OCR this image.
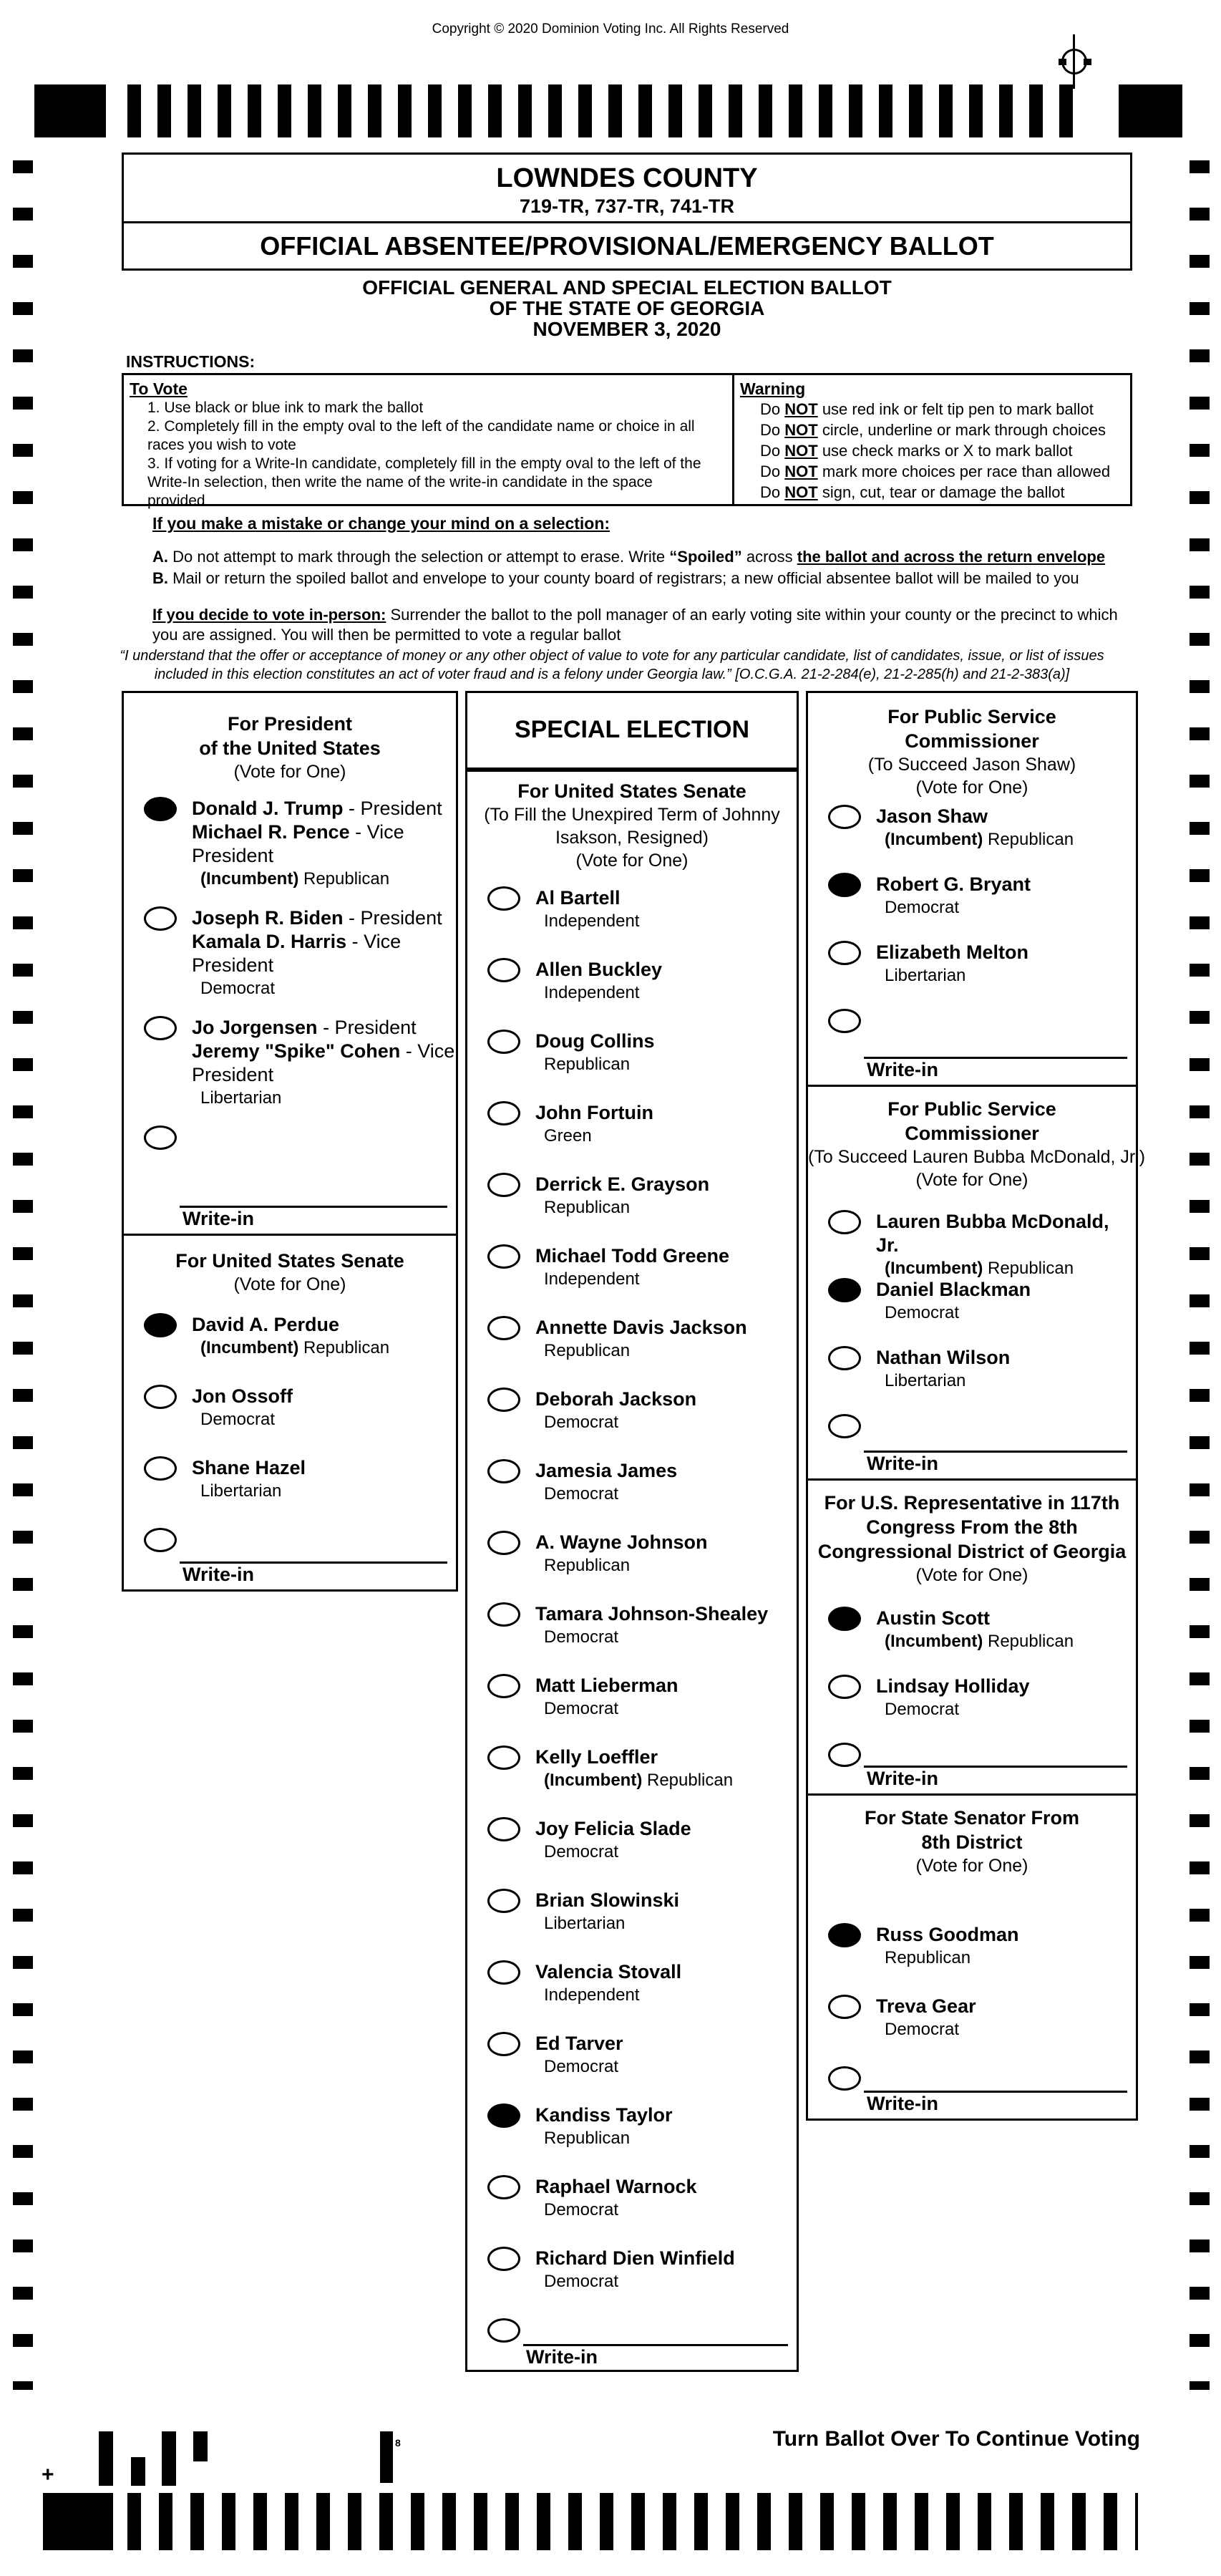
Copyright © 2020 Dominion Voting Inc. All Rights Reserved
LOWNDES COUNTY
719-TR, 737-TR, 741-TR
OFFICIAL ABSENTEE/PROVISIONAL/EMERGENCY BALLOT
OFFICIAL GENERAL AND SPECIAL ELECTION BALLOT
OF THE STATE OF GEORGIA
NOVEMBER 3, 2020
INSTRUCTIONS:
To Vote
1. Use black or blue ink to mark the ballot
2. Completely fill in the empty oval to the left of the candidate name or choice in all races you wish to vote
3. If voting for a Write-In candidate, completely fill in the empty oval to the left of the Write-In selection, then write the name of the write-in candidate in the space provided
Warning
Do NOT use red ink or felt tip pen to mark ballot
Do NOT circle, underline or mark through choices
Do NOT use check marks or X to mark ballot
Do NOT mark more choices per race than allowed
Do NOT sign, cut, tear or damage the ballot
If you make a mistake or change your mind on a selection:
A. Do not attempt to mark through the selection or attempt to erase. Write “Spoiled” across the ballot and across the return envelope
B. Mail or return the spoiled ballot and envelope to your county board of registrars; a new official absentee ballot will be mailed to you
If you decide to vote in-person: Surrender the ballot to the poll manager of an early voting site within your county or the precinct to which you are assigned. You will then be permitted to vote a regular ballot
“I understand that the offer or acceptance of money or any other object of value to vote for any particular candidate, list of candidates, issue, or list of issues included in this election constitutes an act of voter fraud and is a felony under Georgia law.” [O.C.G.A. 21-2-284(e), 21-2-285(h) and 21-2-383(a)]
For President
of the United States
(Vote for One)
Donald J. Trump - President
Michael R. Pence - Vice President
(Incumbent) Republican
Joseph R. Biden - President
Kamala D. Harris - Vice President
Democrat
Jo Jorgensen - President
Jeremy "Spike" Cohen - Vice President
Libertarian
Write-in
For United States Senate
(Vote for One)
David A. Perdue
(Incumbent) Republican
Jon Ossoff
Democrat
Shane Hazel
Libertarian
Write-in
SPECIAL ELECTION
For United States Senate
(To Fill the Unexpired Term of Johnny
Isakson, Resigned)
(Vote for One)
Al Bartell
Independent
Allen Buckley
Independent
Doug Collins
Republican
John Fortuin
Green
Derrick E. Grayson
Republican
Michael Todd Greene
Independent
Annette Davis Jackson
Republican
Deborah Jackson
Democrat
Jamesia James
Democrat
A. Wayne Johnson
Republican
Tamara Johnson-Shealey
Democrat
Matt Lieberman
Democrat
Kelly Loeffler
(Incumbent) Republican
Joy Felicia Slade
Democrat
Brian Slowinski
Libertarian
Valencia Stovall
Independent
Ed Tarver
Democrat
Kandiss Taylor
Republican
Raphael Warnock
Democrat
Richard Dien Winfield
Democrat
Write-in
For Public Service
Commissioner
(To Succeed Jason Shaw)
(Vote for One)
Jason Shaw
(Incumbent) Republican
Robert G. Bryant
Democrat
Elizabeth Melton
Libertarian
Write-in
For Public Service
Commissioner
(To Succeed Lauren Bubba McDonald, Jr.)
(Vote for One)
Lauren Bubba McDonald, Jr.
(Incumbent) Republican
Daniel Blackman
Democrat
Nathan Wilson
Libertarian
Write-in
For U.S. Representative in 117th
Congress From the 8th
Congressional District of Georgia
(Vote for One)
Austin Scott
(Incumbent) Republican
Lindsay Holliday
Democrat
Write-in
For State Senator From
8th District
(Vote for One)
Russ Goodman
Republican
Treva Gear
Democrat
Write-in
Turn Ballot Over To Continue Voting
+
8
